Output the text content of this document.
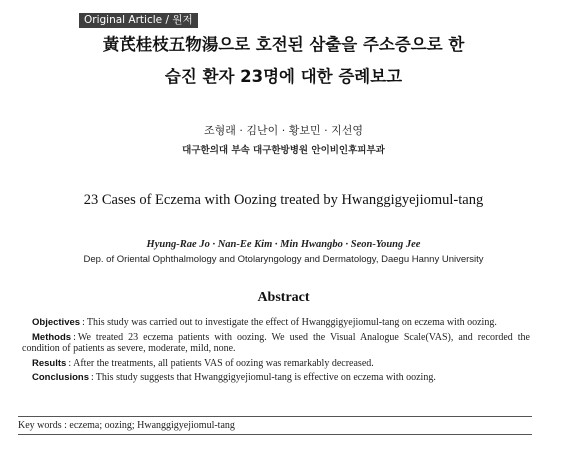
Original Article / 원저
黃芪桂枝五物湯으로 호전된 삼출을 주소증으로 한
습진 환자 23명에 대한 증례보고
조형래 · 김난이 · 황보민 · 지선영
대구한의대 부속 대구한방병원 안이비인후피부과
23 Cases of Eczema with Oozing treated by Hwanggigyejiomul-tang
Hyung-Rae Jo · Nan-Ee Kim · Min Hwangbo · Seon-Young Jee
Dep. of Oriental Ophthalmology and Otolaryngology and Dermatology, Daegu Hanny University
Abstract

Objectives : This study was carried out to investigate the effect of Hwanggigyejiomul-tang on eczema with oozing.

Methods : We treated 23 eczema patients with oozing. We used the Visual Analogue Scale(VAS), and recorded the condition of patients as severe, moderate, mild, none.

Results : After the treatments, all patients VAS of oozing was remarkably decreased.

Conclusions : This study suggests that Hwanggigyejiomul-tang is effective on eczema with oozing.

Key words : eczema; oozing; Hwanggigyejiomul-tang
